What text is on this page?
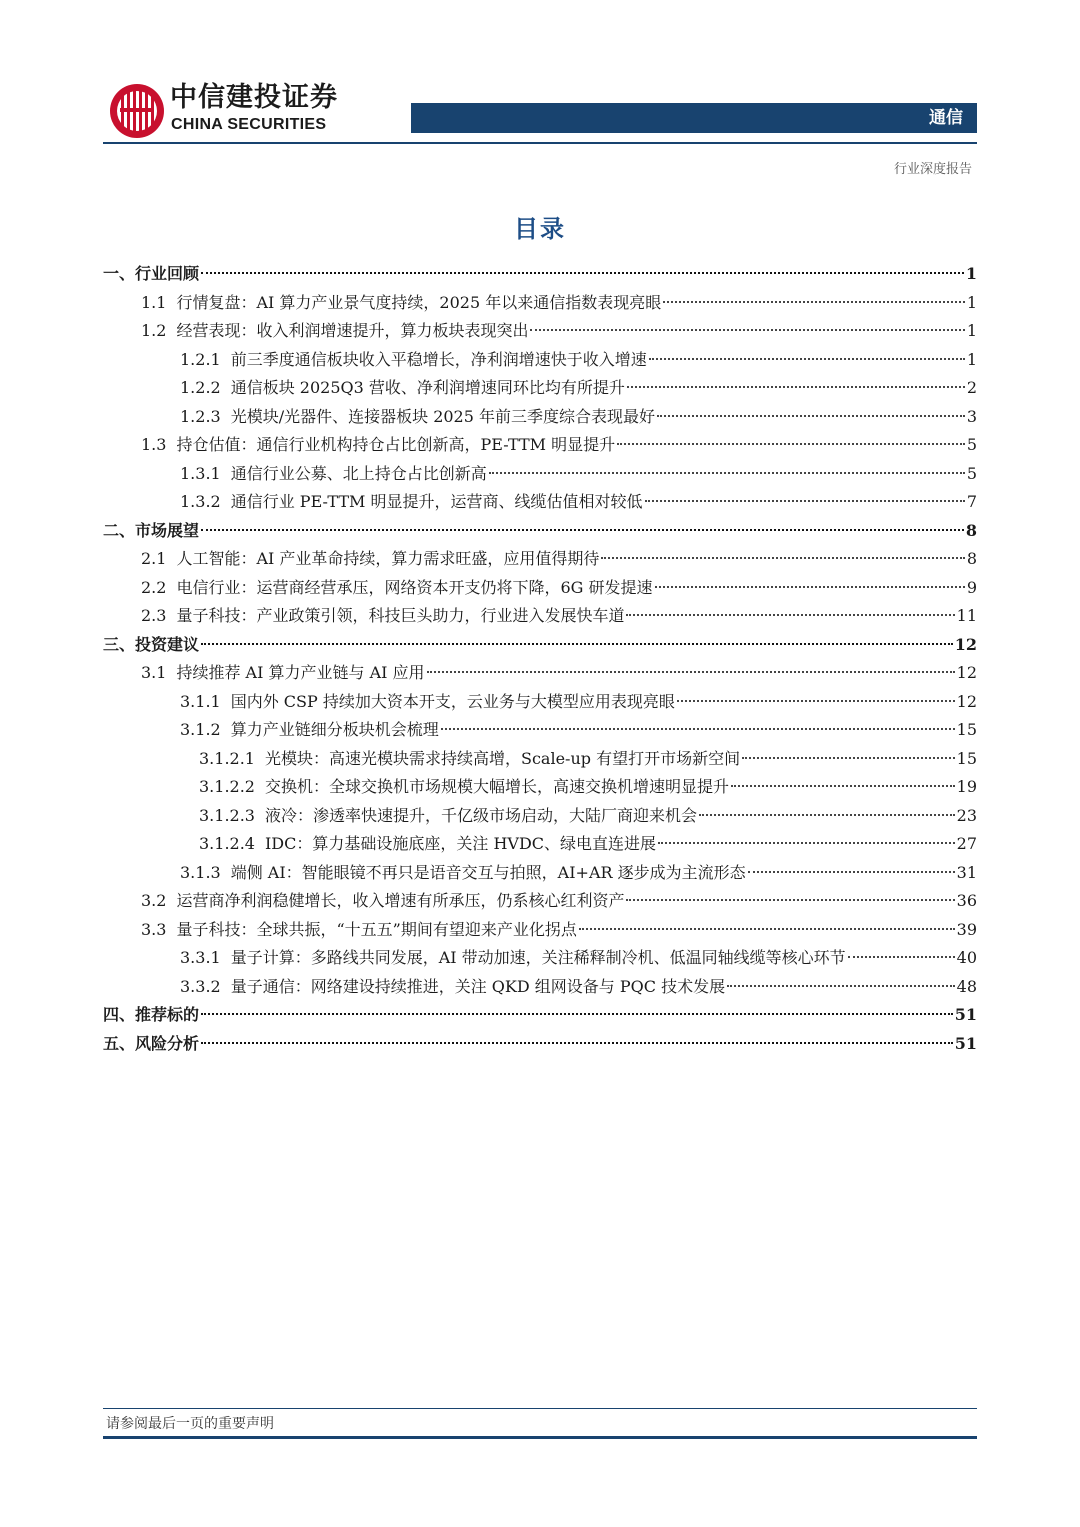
中信建投证券
CHINA SECURITIES	通信
行业深度报告
目录
一、行业回顾	1
1.1 行情复盘：AI 算力产业景气度持续，2025 年以来通信指数表现亮眼	1
1.2 经营表现：收入利润增速提升，算力板块表现突出	1
1.2.1 前三季度通信板块收入平稳增长，净利润增速快于收入增速	1
1.2.2 通信板块 2025Q3 营收、净利润增速同环比均有所提升	2
1.2.3 光模块/光器件、连接器板块 2025 年前三季度综合表现最好	3
1.3 持仓估值：通信行业机构持仓占比创新高，PE-TTM 明显提升	5
1.3.1 通信行业公募、北上持仓占比创新高	5
1.3.2 通信行业 PE-TTM 明显提升，运营商、线缆估值相对较低	7
二、市场展望	8
2.1 人工智能：AI 产业革命持续，算力需求旺盛，应用值得期待	8
2.2 电信行业：运营商经营承压，网络资本开支仍将下降，6G 研发提速	9
2.3 量子科技：产业政策引领，科技巨头助力，行业进入发展快车道	11
三、投资建议	12
3.1 持续推荐 AI 算力产业链与 AI 应用	12
3.1.1 国内外 CSP 持续加大资本开支，云业务与大模型应用表现亮眼	12
3.1.2 算力产业链细分板块机会梳理	15
3.1.2.1 光模块：高速光模块需求持续高增，Scale-up 有望打开市场新空间	15
3.1.2.2 交换机：全球交换机市场规模大幅增长，高速交换机增速明显提升	19
3.1.2.3 液冷：渗透率快速提升，千亿级市场启动，大陆厂商迎来机会	23
3.1.2.4 IDC：算力基础设施底座，关注 HVDC、绿电直连进展	27
3.1.3 端侧 AI：智能眼镜不再只是语音交互与拍照，AI+AR 逐步成为主流形态	31
3.2 运营商净利润稳健增长，收入增速有所承压，仍系核心红利资产	36
3.3 量子科技：全球共振，“十五五”期间有望迎来产业化拐点	39
3.3.1 量子计算：多路线共同发展，AI 带动加速，关注稀释制冷机、低温同轴线缆等核心环节	40
3.3.2 量子通信：网络建设持续推进，关注 QKD 组网设备与 PQC 技术发展	48
四、推荐标的	51
五、风险分析	51
请参阅最后一页的重要声明
